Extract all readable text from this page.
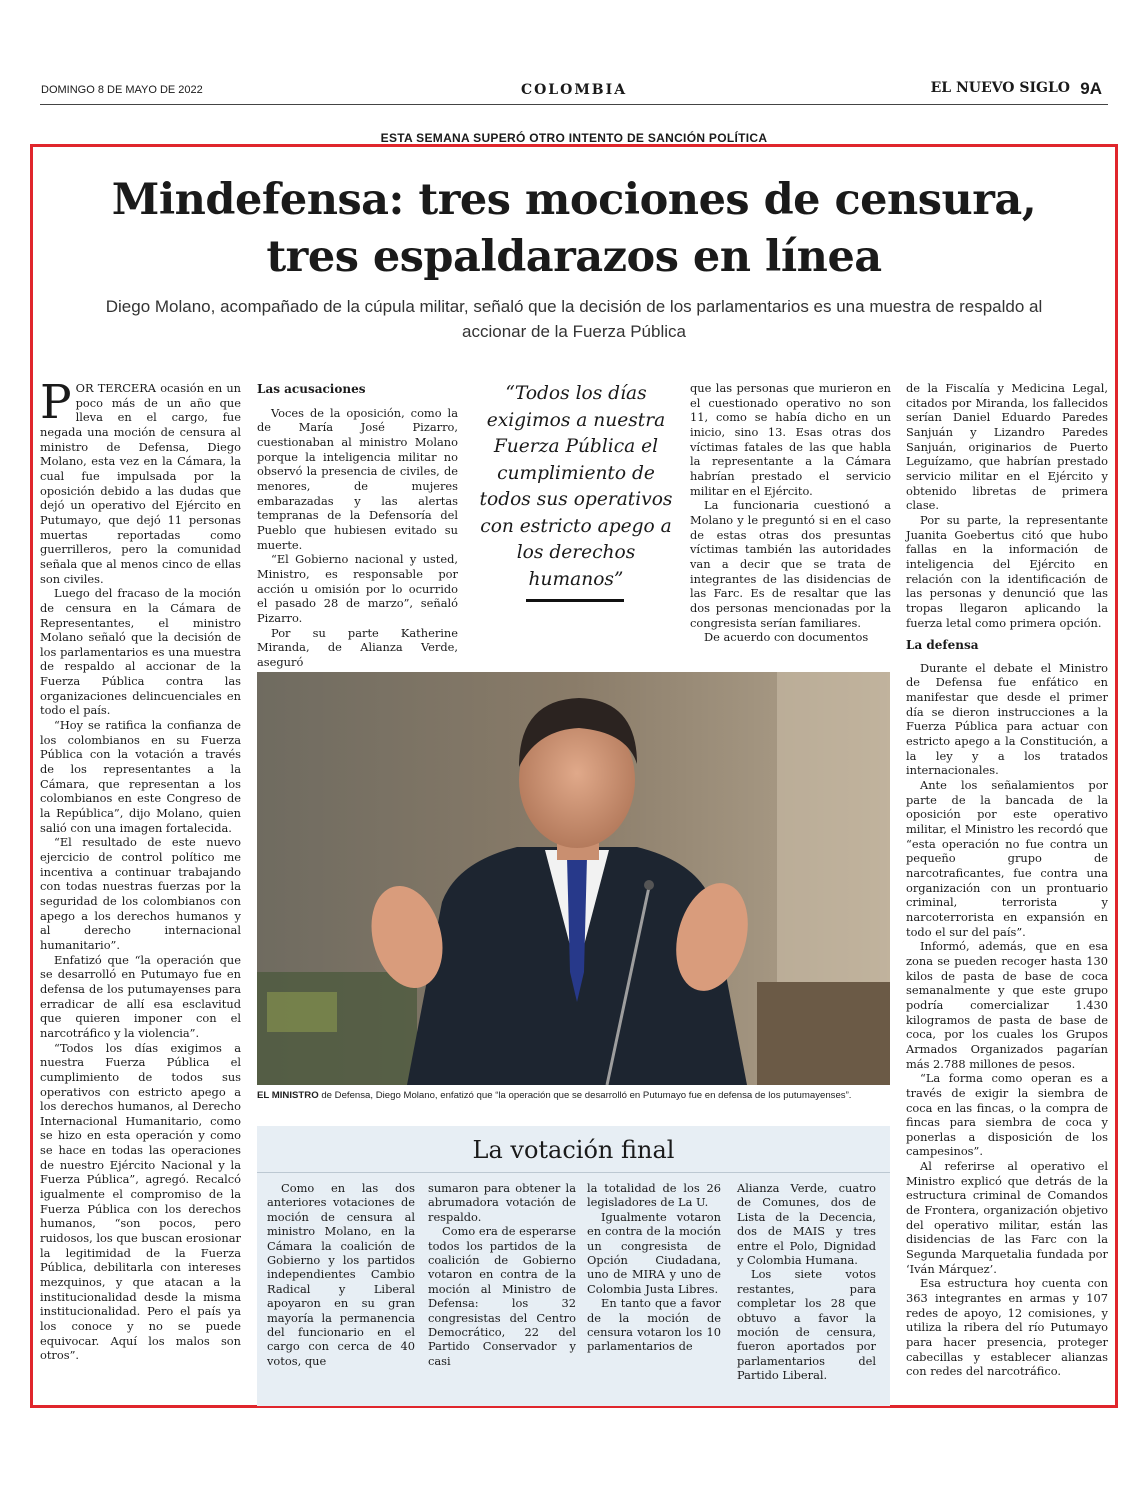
DOMINGO 8 DE MAYO DE 2022	COLOMBIA	EL NUEVO SIGLO 9A
ESTA SEMANA SUPERÓ OTRO INTENTO DE SANCIÓN POLÍTICA
Mindefensa: tres mociones de censura,
tres espaldarazos en línea
Diego Molano, acompañado de la cúpula militar, señaló que la decisión de los parlamentarios es una muestra de respaldo al accionar de la Fuerza Pública

POR TERCERA ocasión en un poco más de un año que lleva en el cargo, fue negada una moción de censura al ministro de Defensa, Diego Molano, esta vez en la Cámara, la cual fue impulsada por la oposición debido a las dudas que dejó un operativo del Ejército en Putumayo, que dejó 11 personas muertas reportadas como guerrilleros, pero la comunidad señala que al menos cinco de ellas son civiles.

Luego del fracaso de la moción de censura en la Cámara de Representantes, el ministro Molano señaló que la decisión de los parlamentarios es una muestra de respaldo al accionar de la Fuerza Pública contra las organizaciones delincuenciales en todo el país.

“Hoy se ratifica la confianza de los colombianos en su Fuerza Pública con la votación a través de los representantes a la Cámara, que representan a los colombianos en este Congreso de la República”, dijo Molano, quien salió con una imagen fortalecida.

“El resultado de este nuevo ejercicio de control político me incentiva a continuar trabajando con todas nuestras fuerzas por la seguridad de los colombianos con apego a los derechos humanos y al derecho internacional humanitario”.

Enfatizó que “la operación que se desarrolló en Putumayo fue en defensa de los putumayenses para erradicar de allí esa esclavitud que quieren imponer con el narcotráfico y la violencia”.

“Todos los días exigimos a nuestra Fuerza Pública el cumplimiento de todos sus operativos con estricto apego a los derechos humanos, al Derecho Internacional Humanitario, como se hizo en esta operación y como se hace en todas las operaciones de nuestro Ejército Nacional y la Fuerza Pública”, agregó. Recalcó igualmente el compromiso de la Fuerza Pública con los derechos humanos, “son pocos, pero ruidosos, los que buscan erosionar la legitimidad de la Fuerza Pública, debilitarla con intereses mezquinos, y que atacan a la institucionalidad desde la misma institucionalidad. Pero el país ya los conoce y no se puede equivocar. Aquí los malos son otros”.

Las acusaciones

Voces de la oposición, como la de María José Pizarro, cuestionaban al ministro Molano porque la inteligencia militar no observó la presencia de civiles, de menores, de mujeres embarazadas y las alertas tempranas de la Defensoría del Pueblo que hubiesen evitado su muerte.

“El Gobierno nacional y usted, Ministro, es responsable por acción u omisión por lo ocurrido el pasado 28 de marzo”, señaló Pizarro.

Por su parte Katherine Miranda, de Alianza Verde, aseguró

“Todos los días exigimos a nuestra Fuerza Pública el cumplimiento de todos sus operativos con estricto apego a los derechos humanos”

que las personas que murieron en el cuestionado operativo no son 11, como se había dicho en un inicio, sino 13. Esas otras dos víctimas fatales de las que habla la representante a la Cámara habrían prestado el servicio militar en el Ejército.

La funcionaria cuestionó a Molano y le preguntó si en el caso de estas otras dos presuntas víctimas también las autoridades van a decir que se trata de integrantes de las disidencias de las Farc. Es de resaltar que las dos personas mencionadas por la congresista serían familiares.

De acuerdo con documentos

de la Fiscalía y Medicina Legal, citados por Miranda, los fallecidos serían Daniel Eduardo Paredes Sanjuán y Lizandro Paredes Sanjuán, originarios de Puerto Leguízamo, que habrían prestado servicio militar en el Ejército y obtenido libretas de primera clase.

Por su parte, la representante Juanita Goebertus citó que hubo fallas en la información de inteligencia del Ejército en relación con la identificación de las personas y denunció que las tropas llegaron aplicando la fuerza letal como primera opción.

La defensa

Durante el debate el Ministro de Defensa fue enfático en manifestar que desde el primer día se dieron instrucciones a la Fuerza Pública para actuar con estricto apego a la Constitución, a la ley y a los tratados internacionales.

Ante los señalamientos por parte de la bancada de la oposición por este operativo militar, el Ministro les recordó que “esta operación no fue contra un pequeño grupo de narcotraficantes, fue contra una organización con un prontuario criminal, terrorista y narcoterrorista en expansión en todo el sur del país”.

Informó, además, que en esa zona se pueden recoger hasta 130 kilos de pasta de base de coca semanalmente y que este grupo podría comercializar 1.430 kilogramos de pasta de base de coca, por los cuales los Grupos Armados Organizados pagarían más 2.788 millones de pesos.

“La forma como operan es a través de exigir la siembra de coca en las fincas, o la compra de fincas para siembra de coca y ponerlas a disposición de los campesinos”.

Al referirse al operativo el Ministro explicó que detrás de la estructura criminal de Comandos de Frontera, organización objetivo del operativo militar, están las disidencias de las Farc con la Segunda Marquetalia fundada por ‘Iván Márquez’.

Esa estructura hoy cuenta con 363 integrantes en armas y 107 redes de apoyo, 12 comisiones, y utiliza la ribera del río Putumayo para hacer presencia, proteger cabecillas y establecer alianzas con redes del narcotráfico.

EL MINISTRO de Defensa, Diego Molano, enfatizó que “la operación que se desarrolló en Putumayo fue en defensa de los putumayenses”.
La votación final

Como en las dos anteriores votaciones de moción de censura al ministro Molano, en la Cámara la coalición de Gobierno y los partidos independientes Cambio Radical y Liberal apoyaron en su gran mayoría la permanencia del funcionario en el cargo con cerca de 40 votos, que

sumaron para obtener la abrumadora votación de respaldo.

Como era de esperarse todos los partidos de la coalición de Gobierno votaron en contra de la moción al Ministro de Defensa: los 32 congresistas del Centro Democrático, 22 del Partido Conservador y casi

la totalidad de los 26 legisladores de La U.

Igualmente votaron en contra de la moción un congresista de Opción Ciudadana, uno de MIRA y uno de Colombia Justa Libres.

En tanto que a favor de la moción de censura votaron los 10 parlamentarios de

Alianza Verde, cuatro de Comunes, dos de Lista de la Decencia, dos de MAIS y tres entre el Polo, Dignidad y Colombia Humana.

Los siete votos restantes, para completar los 28 que obtuvo a favor la moción de censura, fueron aportados por parlamentarios del Partido Liberal.
